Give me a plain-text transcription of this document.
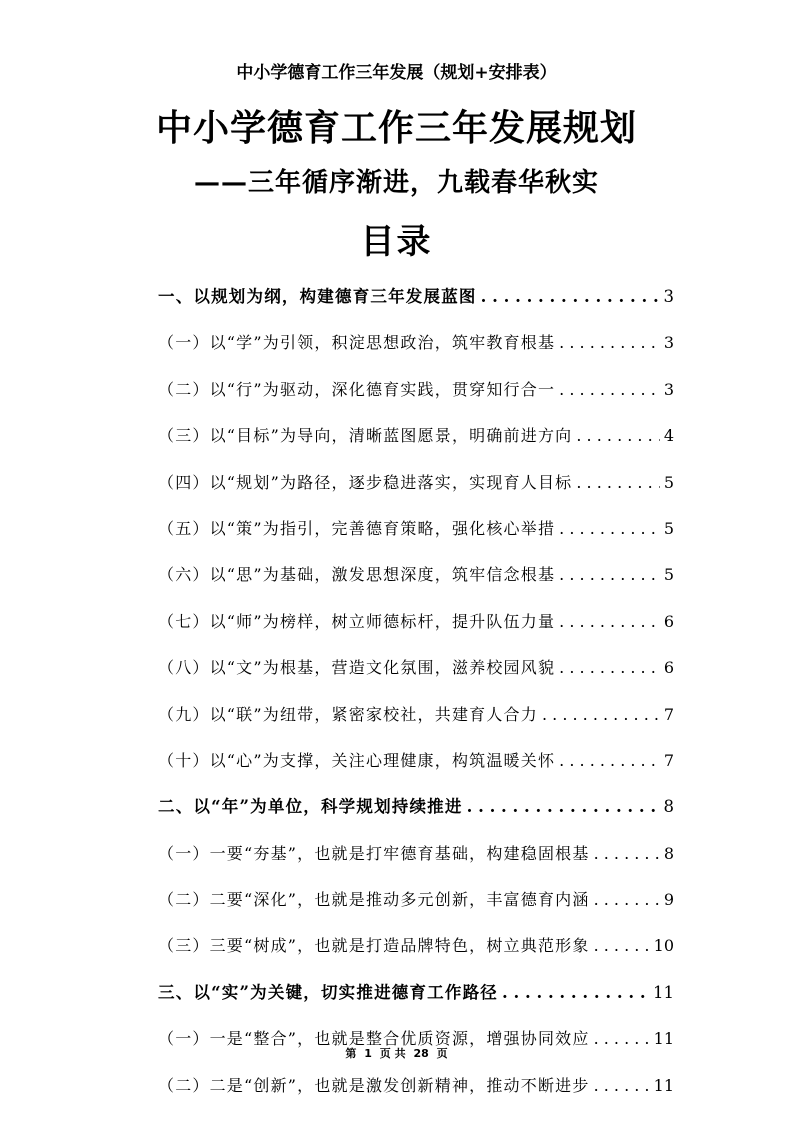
中小学德育工作三年发展（规划+安排表）
中小学德育工作三年发展规划
——三年循序渐进，九载春华秋实
目录
一、以规划为纲，构建德育三年发展蓝图 . . .	3
（一）以“学”为引领，积淀思想政治，筑牢教育根基 . . .	3
（二）以“行”为驱动，深化德育实践，贯穿知行合一 . . .	3
（三）以“目标”为导向，清晰蓝图愿景，明确前进方向 . . .	4
（四）以“规划”为路径，逐步稳进落实，实现育人目标 . . .	5
（五）以“策”为指引，完善德育策略，强化核心举措 . . .	5
（六）以“思”为基础，激发思想深度，筑牢信念根基 . . .	5
（七）以“师”为榜样，树立师德标杆，提升队伍力量 . . .	6
（八）以“文”为根基，营造文化氛围，滋养校园风貌 . . .	6
（九）以“联”为纽带，紧密家校社，共建育人合力 . . .	7
（十）以“心”为支撑，关注心理健康，构筑温暖关怀 . . .	7
二、以“年”为单位，科学规划持续推进 . . .	8
（一）一要“夯基”，也就是打牢德育基础，构建稳固根基 . . .	8
（二）二要“深化”，也就是推动多元创新，丰富德育内涵 . . .	9
（三）三要“树成”，也就是打造品牌特色，树立典范形象 . . .	10
三、以“实”为关键，切实推进德育工作路径 . . .	11
（一）一是“整合”，也就是整合优质资源，增强协同效应 . . .	11
（二）二是“创新”，也就是激发创新精神，推动不断进步 . . .	11
第 1 页 共 28 页
